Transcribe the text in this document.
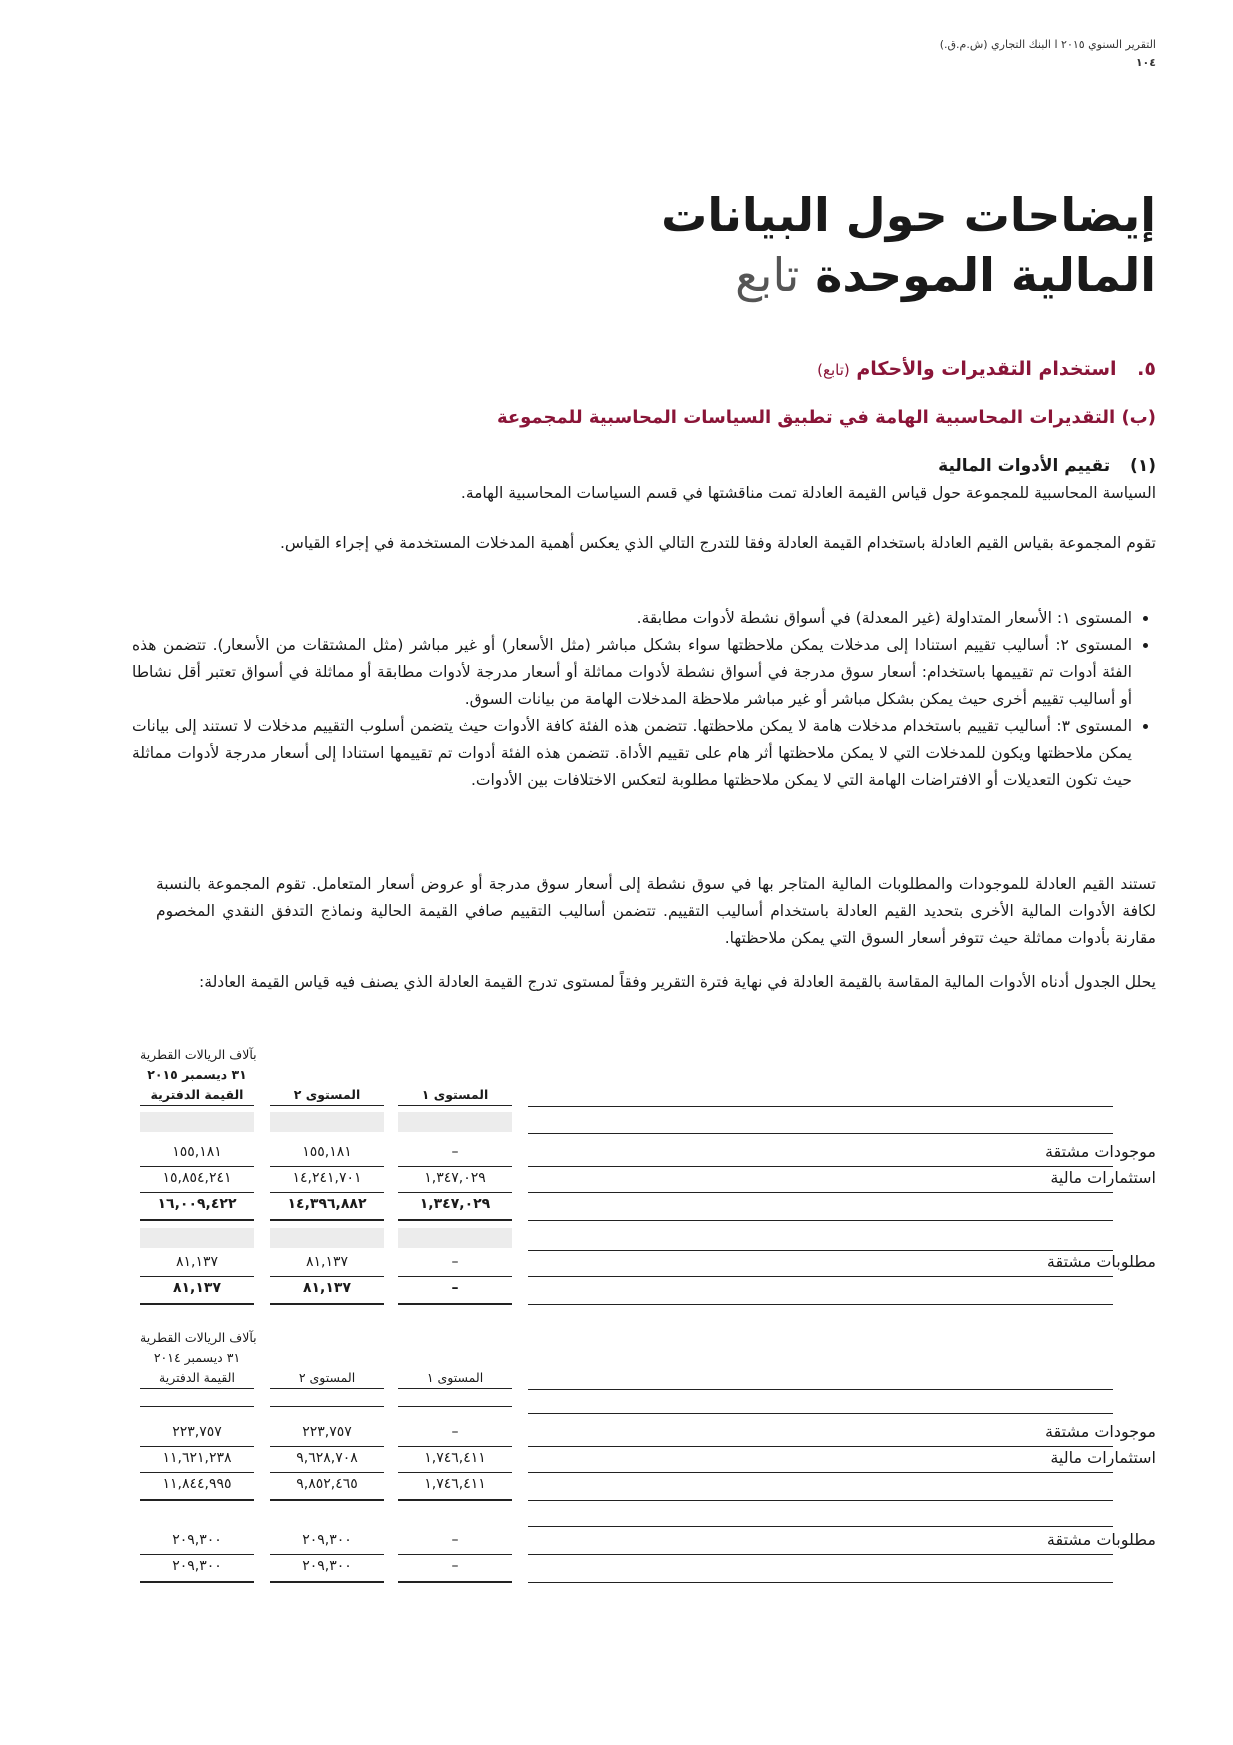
التقرير السنوي ٢٠١٥ ا البنك التجاري (ش.م.ق.)
١٠٤
إيضاحات حول البيانات
المالية الموحدة تابع
٥. استخدام التقديرات والأحكام (تابع)
(ب) التقديرات المحاسبية الهامة في تطبيق السياسات المحاسبية للمجموعة
(١) تقييم الأدوات المالية
السياسة المحاسبية للمجموعة حول قياس القيمة العادلة تمت مناقشتها في قسم السياسات المحاسبية الهامة.
تقوم المجموعة بقياس القيم العادلة باستخدام القيمة العادلة وفقا للتدرج التالي الذي يعكس أهمية المدخلات المستخدمة في إجراء القياس.
• المستوى ١: الأسعار المتداولة (غير المعدلة) في أسواق نشطة لأدوات مطابقة.
• المستوى ٢: أساليب تقييم استنادا إلى مدخلات يمكن ملاحظتها سواء بشكل مباشر (مثل الأسعار) أو غير مباشر (مثل المشتقات من الأسعار). تتضمن هذه الفئة أدوات تم تقييمها باستخدام: أسعار سوق مدرجة في أسواق نشطة لأدوات مماثلة أو أسعار مدرجة لأدوات مطابقة أو مماثلة في أسواق تعتبر أقل نشاطا أو أساليب تقييم أخرى حيث يمكن بشكل مباشر أو غير مباشر ملاحظة المدخلات الهامة من بيانات السوق.
• المستوى ٣: أساليب تقييم باستخدام مدخلات هامة لا يمكن ملاحظتها. تتضمن هذه الفئة كافة الأدوات حيث يتضمن أسلوب التقييم مدخلات لا تستند إلى بيانات يمكن ملاحظتها ويكون للمدخلات التي لا يمكن ملاحظتها أثر هام على تقييم الأداة. تتضمن هذه الفئة أدوات تم تقييمها استنادا إلى أسعار مدرجة لأدوات مماثلة حيث تكون التعديلات أو الافتراضات الهامة التي لا يمكن ملاحظتها مطلوبة لتعكس الاختلافات بين الأدوات.
تستند القيم العادلة للموجودات والمطلوبات المالية المتاجر بها في سوق نشطة إلى أسعار سوق مدرجة أو عروض أسعار المتعامل. تقوم المجموعة بالنسبة لكافة الأدوات المالية الأخرى بتحديد القيم العادلة باستخدام أساليب التقييم. تتضمن أساليب التقييم صافي القيمة الحالية ونماذج التدفق النقدي المخصوم مقارنة بأدوات مماثلة حيث تتوفر أسعار السوق التي يمكن ملاحظتها.
يحلل الجدول أدناه الأدوات المالية المقاسة بالقيمة العادلة في نهاية فترة التقرير وفقاً لمستوى تدرج القيمة العادلة الذي يصنف فيه قياس القيمة العادلة:
بآلاف الريالات القطرية
٣١ ديسمبر ٢٠١٥
القيمة الدفترية	المستوى ٢	المستوى ١
موجودات مشتقة
١٥٥,١٨١	١٥٥,١٨١	–
استثمارات مالية
١٥,٨٥٤,٢٤١	١٤,٢٤١,٧٠١	١,٣٤٧,٠٢٩
١٦,٠٠٩,٤٢٢	١٤,٣٩٦,٨٨٢	١,٣٤٧,٠٢٩
مطلوبات مشتقة
٨١,١٣٧	٨١,١٣٧	–
٨١,١٣٧	٨١,١٣٧	–
بآلاف الريالات القطرية
٣١ ديسمبر ٢٠١٤
القيمة الدفترية	المستوى ٢	المستوى ١
موجودات مشتقة
٢٢٣,٧٥٧	٢٢٣,٧٥٧	–
استثمارات مالية
١١,٦٢١,٢٣٨	٩,٦٢٨,٧٠٨	١,٧٤٦,٤١١
١١,٨٤٤,٩٩٥	٩,٨٥٢,٤٦٥	١,٧٤٦,٤١١
مطلوبات مشتقة
٢٠٩,٣٠٠	٢٠٩,٣٠٠	–
٢٠٩,٣٠٠	٢٠٩,٣٠٠	–
